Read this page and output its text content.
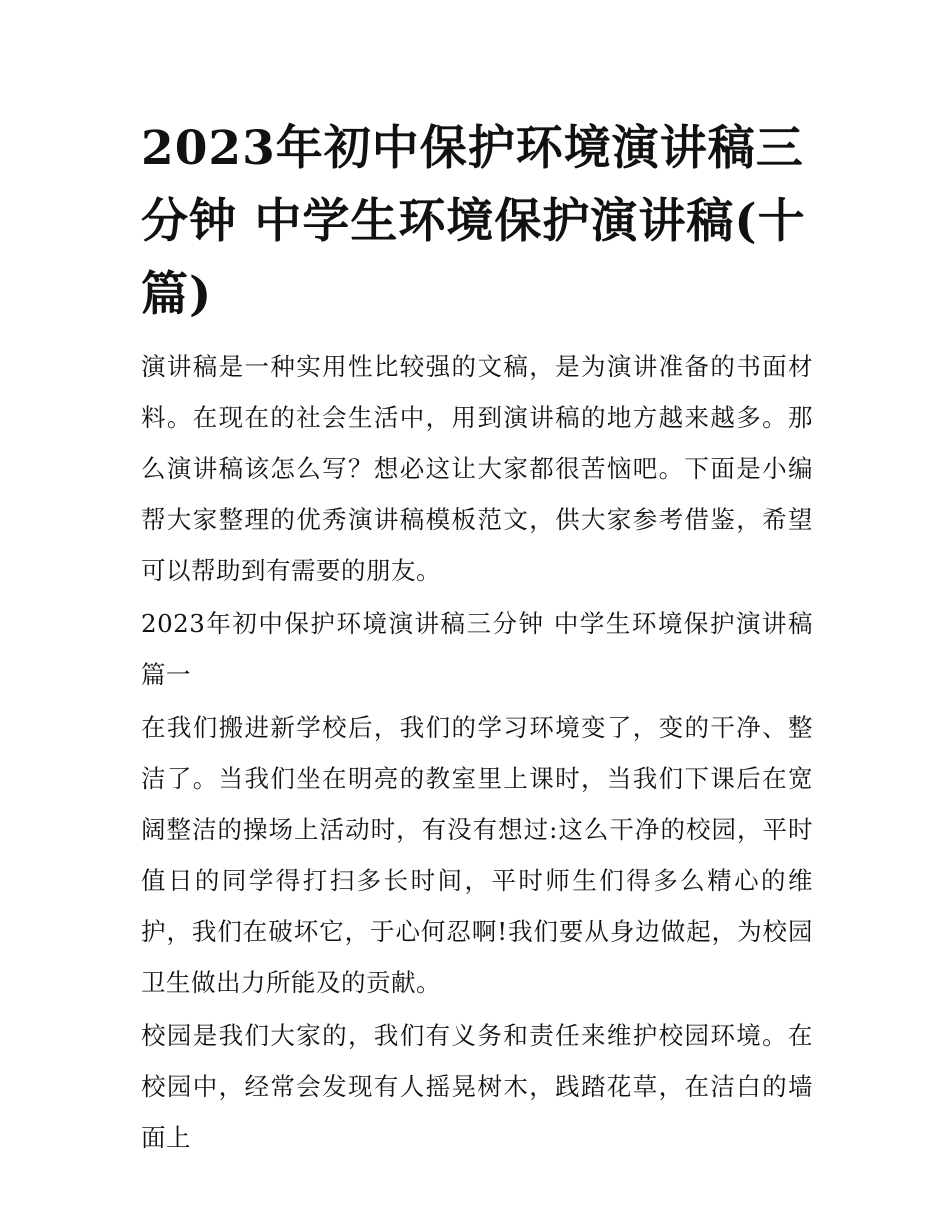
2023年初中保护环境演讲稿三分钟 中学生环境保护演讲稿(十篇)

演讲稿是一种实用性比较强的文稿，是为演讲准备的书面材料。在现在的社会生活中，用到演讲稿的地方越来越多。那么演讲稿该怎么写？想必这让大家都很苦恼吧。下面是小编帮大家整理的优秀演讲稿模板范文，供大家参考借鉴，希望可以帮助到有需要的朋友。

2023年初中保护环境演讲稿三分钟 中学生环境保护演讲稿篇一

在我们搬进新学校后，我们的学习环境变了，变的干净、整洁了。当我们坐在明亮的教室里上课时，当我们下课后在宽阔整洁的操场上活动时，有没有想过:这么干净的校园，平时值日的同学得打扫多长时间，平时师生们得多么精心的维护，我们在破坏它，于心何忍啊!我们要从身边做起，为校园卫生做出力所能及的贡献。

校园是我们大家的，我们有义务和责任来维护校园环境。在校园中，经常会发现有人摇晃树木，践踏花草，在洁白的墙面上
